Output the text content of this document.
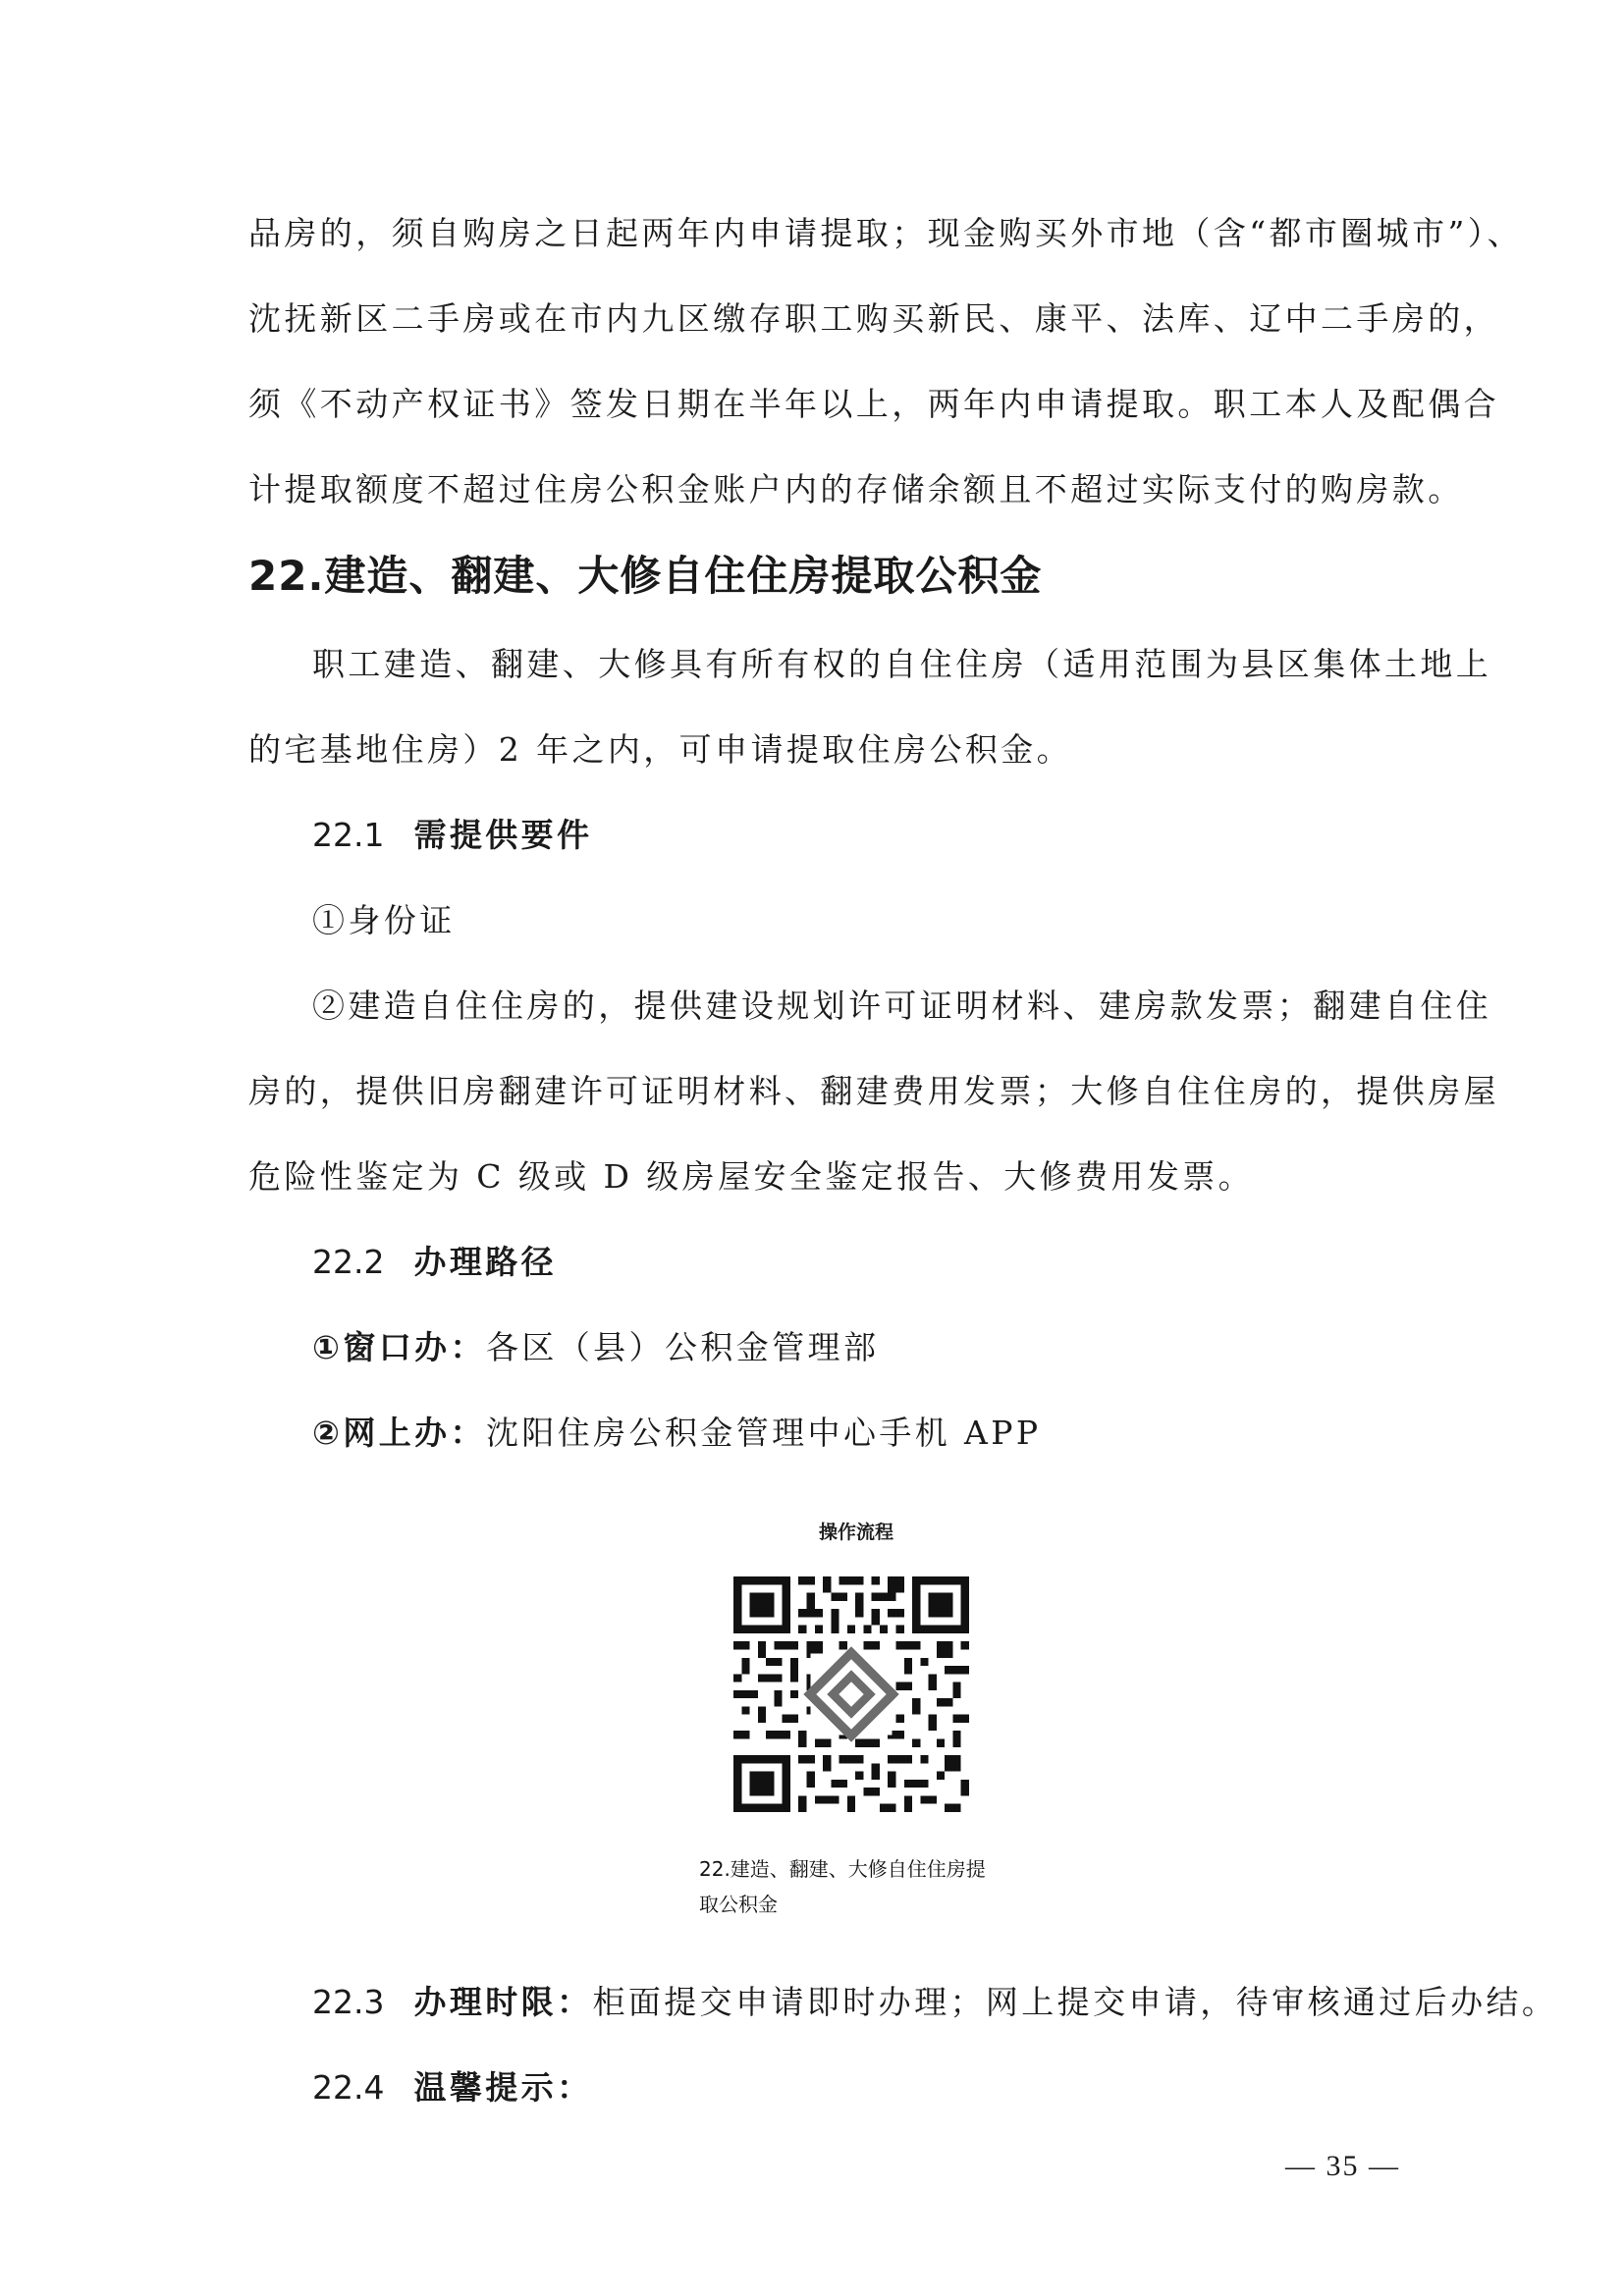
品房的，须自购房之日起两年内申请提取；现金购买外市地（含“都市圈城市”）、
沈抚新区二手房或在市内九区缴存职工购买新民、康平、法库、辽中二手房的，
须《不动产权证书》签发日期在半年以上，两年内申请提取。职工本人及配偶合
计提取额度不超过住房公积金账户内的存储余额且不超过实际支付的购房款。
22.建造、翻建、大修自住住房提取公积金
职工建造、翻建、大修具有所有权的自住住房（适用范围为县区集体土地上
的宅基地住房）2 年之内，可申请提取住房公积金。
22.1 需提供要件
①身份证
②建造自住住房的，提供建设规划许可证明材料、建房款发票；翻建自住住
房的，提供旧房翻建许可证明材料、翻建费用发票；大修自住住房的，提供房屋
危险性鉴定为 C 级或 D 级房屋安全鉴定报告、大修费用发票。
22.2 办理路径
①窗口办：各区（县）公积金管理部
②网上办：沈阳住房公积金管理中心手机 APP
操作流程
22.建造、翻建、大修自住住房提
取公积金
22.3 办理时限：柜面提交申请即时办理；网上提交申请，待审核通过后办结。
22.4 温馨提示：
— 35 —
